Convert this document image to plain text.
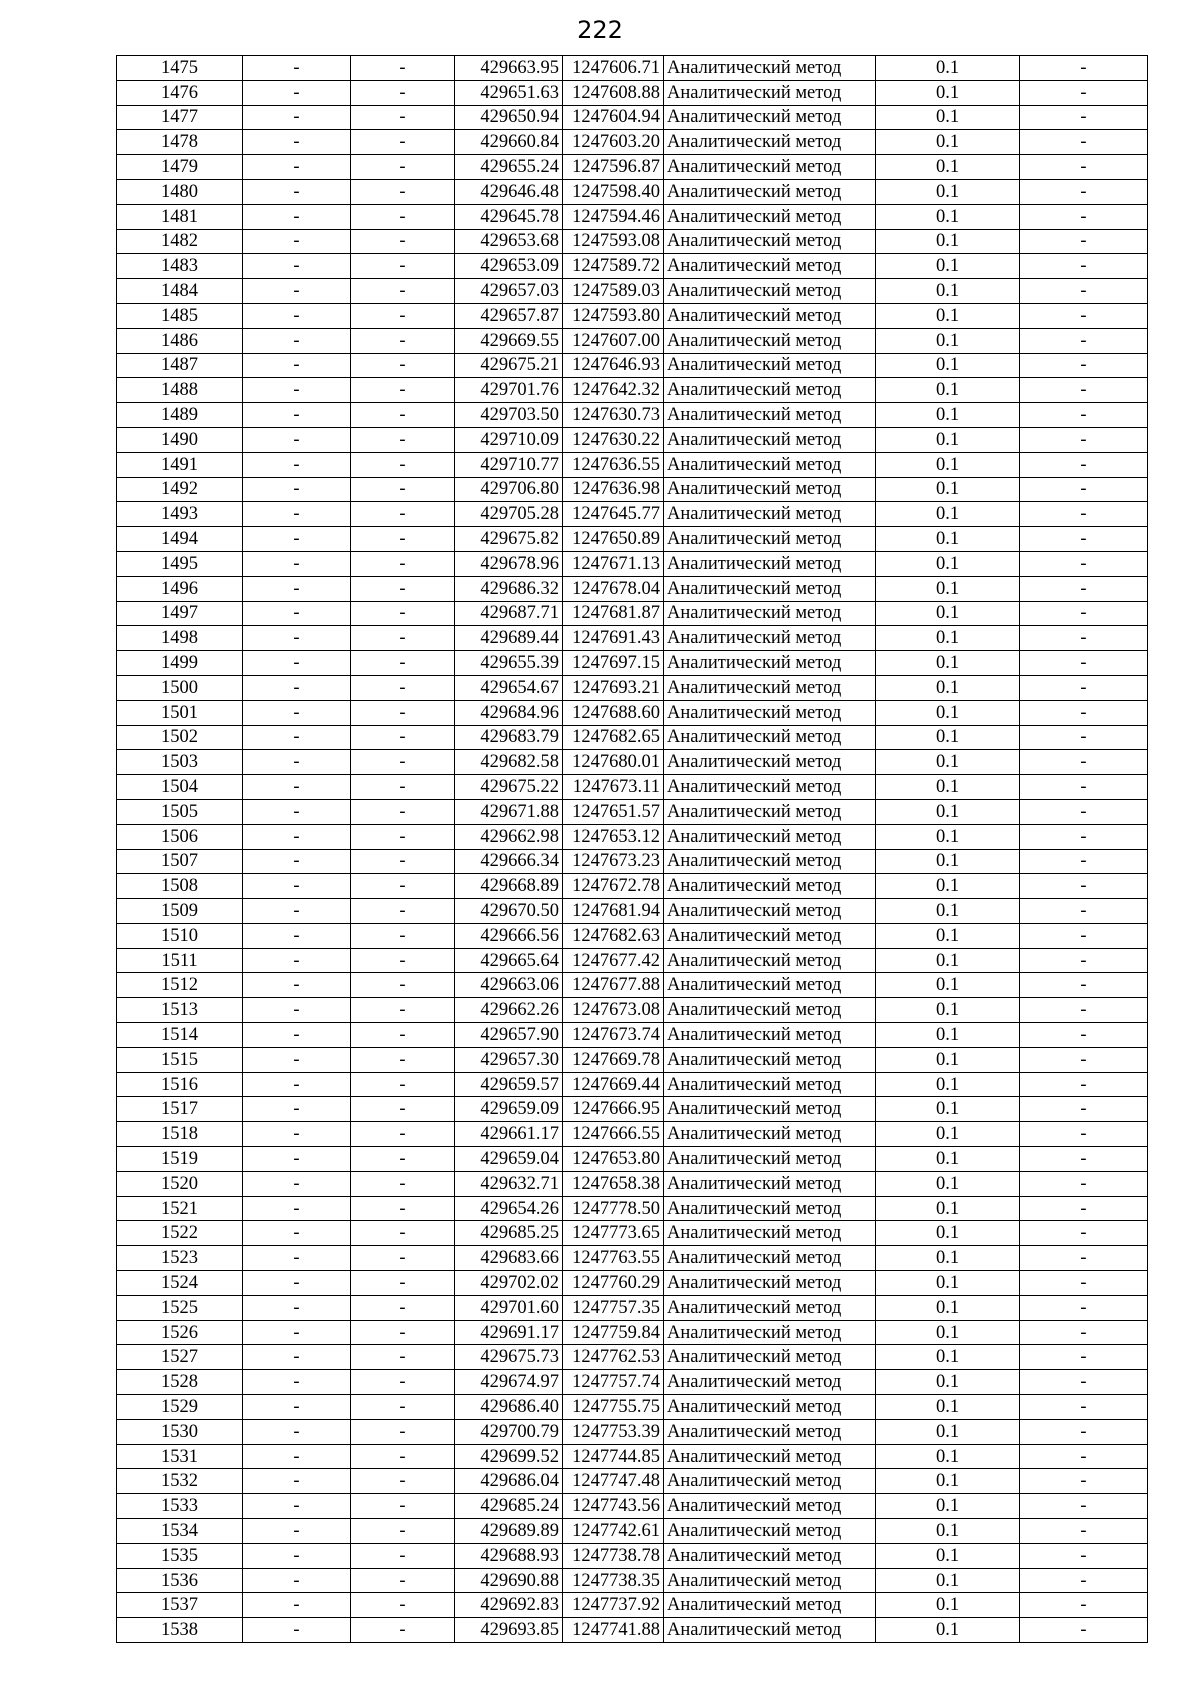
222
1475	-	-	429663.95	1247606.71	Аналитический метод	0.1	-
1476	-	-	429651.63	1247608.88	Аналитический метод	0.1	-
1477	-	-	429650.94	1247604.94	Аналитический метод	0.1	-
1478	-	-	429660.84	1247603.20	Аналитический метод	0.1	-
1479	-	-	429655.24	1247596.87	Аналитический метод	0.1	-
1480	-	-	429646.48	1247598.40	Аналитический метод	0.1	-
1481	-	-	429645.78	1247594.46	Аналитический метод	0.1	-
1482	-	-	429653.68	1247593.08	Аналитический метод	0.1	-
1483	-	-	429653.09	1247589.72	Аналитический метод	0.1	-
1484	-	-	429657.03	1247589.03	Аналитический метод	0.1	-
1485	-	-	429657.87	1247593.80	Аналитический метод	0.1	-
1486	-	-	429669.55	1247607.00	Аналитический метод	0.1	-
1487	-	-	429675.21	1247646.93	Аналитический метод	0.1	-
1488	-	-	429701.76	1247642.32	Аналитический метод	0.1	-
1489	-	-	429703.50	1247630.73	Аналитический метод	0.1	-
1490	-	-	429710.09	1247630.22	Аналитический метод	0.1	-
1491	-	-	429710.77	1247636.55	Аналитический метод	0.1	-
1492	-	-	429706.80	1247636.98	Аналитический метод	0.1	-
1493	-	-	429705.28	1247645.77	Аналитический метод	0.1	-
1494	-	-	429675.82	1247650.89	Аналитический метод	0.1	-
1495	-	-	429678.96	1247671.13	Аналитический метод	0.1	-
1496	-	-	429686.32	1247678.04	Аналитический метод	0.1	-
1497	-	-	429687.71	1247681.87	Аналитический метод	0.1	-
1498	-	-	429689.44	1247691.43	Аналитический метод	0.1	-
1499	-	-	429655.39	1247697.15	Аналитический метод	0.1	-
1500	-	-	429654.67	1247693.21	Аналитический метод	0.1	-
1501	-	-	429684.96	1247688.60	Аналитический метод	0.1	-
1502	-	-	429683.79	1247682.65	Аналитический метод	0.1	-
1503	-	-	429682.58	1247680.01	Аналитический метод	0.1	-
1504	-	-	429675.22	1247673.11	Аналитический метод	0.1	-
1505	-	-	429671.88	1247651.57	Аналитический метод	0.1	-
1506	-	-	429662.98	1247653.12	Аналитический метод	0.1	-
1507	-	-	429666.34	1247673.23	Аналитический метод	0.1	-
1508	-	-	429668.89	1247672.78	Аналитический метод	0.1	-
1509	-	-	429670.50	1247681.94	Аналитический метод	0.1	-
1510	-	-	429666.56	1247682.63	Аналитический метод	0.1	-
1511	-	-	429665.64	1247677.42	Аналитический метод	0.1	-
1512	-	-	429663.06	1247677.88	Аналитический метод	0.1	-
1513	-	-	429662.26	1247673.08	Аналитический метод	0.1	-
1514	-	-	429657.90	1247673.74	Аналитический метод	0.1	-
1515	-	-	429657.30	1247669.78	Аналитический метод	0.1	-
1516	-	-	429659.57	1247669.44	Аналитический метод	0.1	-
1517	-	-	429659.09	1247666.95	Аналитический метод	0.1	-
1518	-	-	429661.17	1247666.55	Аналитический метод	0.1	-
1519	-	-	429659.04	1247653.80	Аналитический метод	0.1	-
1520	-	-	429632.71	1247658.38	Аналитический метод	0.1	-
1521	-	-	429654.26	1247778.50	Аналитический метод	0.1	-
1522	-	-	429685.25	1247773.65	Аналитический метод	0.1	-
1523	-	-	429683.66	1247763.55	Аналитический метод	0.1	-
1524	-	-	429702.02	1247760.29	Аналитический метод	0.1	-
1525	-	-	429701.60	1247757.35	Аналитический метод	0.1	-
1526	-	-	429691.17	1247759.84	Аналитический метод	0.1	-
1527	-	-	429675.73	1247762.53	Аналитический метод	0.1	-
1528	-	-	429674.97	1247757.74	Аналитический метод	0.1	-
1529	-	-	429686.40	1247755.75	Аналитический метод	0.1	-
1530	-	-	429700.79	1247753.39	Аналитический метод	0.1	-
1531	-	-	429699.52	1247744.85	Аналитический метод	0.1	-
1532	-	-	429686.04	1247747.48	Аналитический метод	0.1	-
1533	-	-	429685.24	1247743.56	Аналитический метод	0.1	-
1534	-	-	429689.89	1247742.61	Аналитический метод	0.1	-
1535	-	-	429688.93	1247738.78	Аналитический метод	0.1	-
1536	-	-	429690.88	1247738.35	Аналитический метод	0.1	-
1537	-	-	429692.83	1247737.92	Аналитический метод	0.1	-
1538	-	-	429693.85	1247741.88	Аналитический метод	0.1	-
